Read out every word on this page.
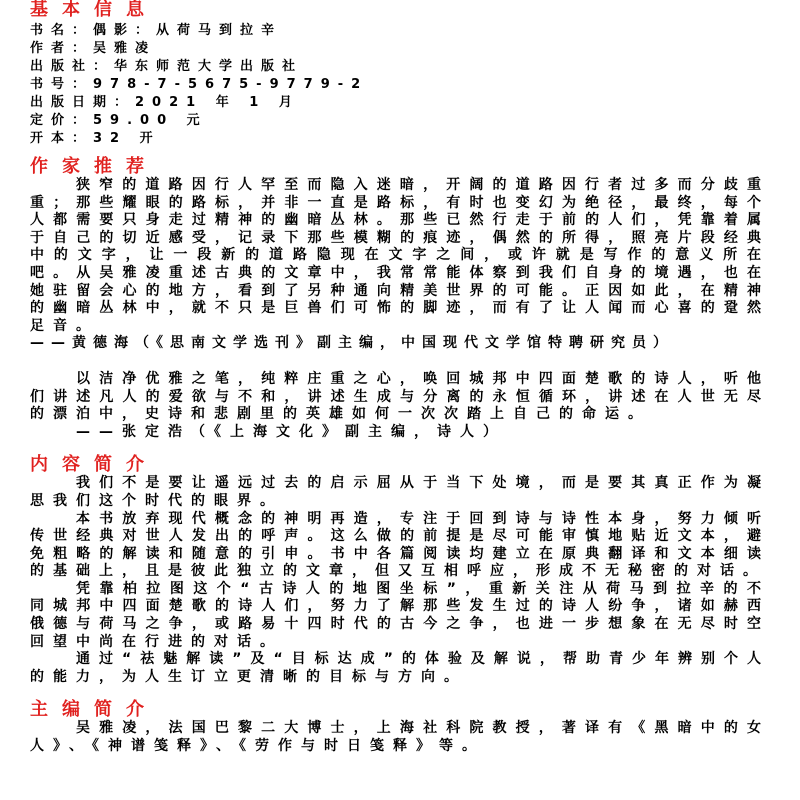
基本信息
书名：偶影：从荷马到拉辛
作者：吴雅凌
出版社：华东师范大学出版社
书号：978-7-5675-9779-2
出版日期：2021 年 1 月
定价：59.00 元
开本：32 开
作家推荐

狭窄的道路因行人罕至而隐入迷暗，开阔的道路因行者过多而分歧重重；那些耀眼的路标，并非一直是路标，有时也变幻为绝径，最终，每个人都需要只身走过精神的幽暗丛林。那些已然行走于前的人们，凭靠着属于自己的切近感受，记录下那些模糊的痕迹，偶然的所得，照亮片段经典中的文字，让一段新的道路隐现在文字之间，或许就是写作的意义所在吧。从吴雅凌重述古典的文章中，我常常能体察到我们自身的境遇，也在她驻留会心的地方，看到了另种通向精美世界的可能。正因如此，在精神的幽暗丛林中，就不只是巨兽们可怖的脚迹，而有了让人闻而心喜的跫然足音。

——黄德海（《思南文学选刊》副主编，中国现代文学馆特聘研究员）

以洁净优雅之笔，纯粹庄重之心，唤回城邦中四面楚歌的诗人，听他们讲述凡人的爱欲与不和，讲述生成与分离的永恒循环，讲述在人世无尽的漂泊中，史诗和悲剧里的英雄如何一次次踏上自己的命运。

——张定浩（《上海文化》副主编，诗人）

内容简介

我们不是要让遥远过去的启示屈从于当下处境，而是要其真正作为凝思我们这个时代的眼界。

本书放弃现代概念的神明再造，专注于回到诗与诗性本身，努力倾听传世经典对世人发出的呼声。这么做的前提是尽可能审慎地贴近文本，避免粗略的解读和随意的引申。书中各篇阅读均建立在原典翻译和文本细读的基础上，且是彼此独立的文章，但又互相呼应，形成不无秘密的对话。

凭靠柏拉图这个“古诗人的地图坐标”，重新关注从荷马到拉辛的不同城邦中四面楚歌的诗人们，努力了解那些发生过的诗人纷争，诸如赫西俄德与荷马之争，或路易十四时代的古今之争，也进一步想象在无尽时空回望中尚在行进的对话。

通过“祛魅解读”及“目标达成”的体验及解说，帮助青少年辨别个人的能力，为人生订立更清晰的目标与方向。

主编简介

吴雅凌，法国巴黎二大博士，上海社科院教授，著译有《黑暗中的女人》、《神谱笺释》、《劳作与时日笺释》等。
